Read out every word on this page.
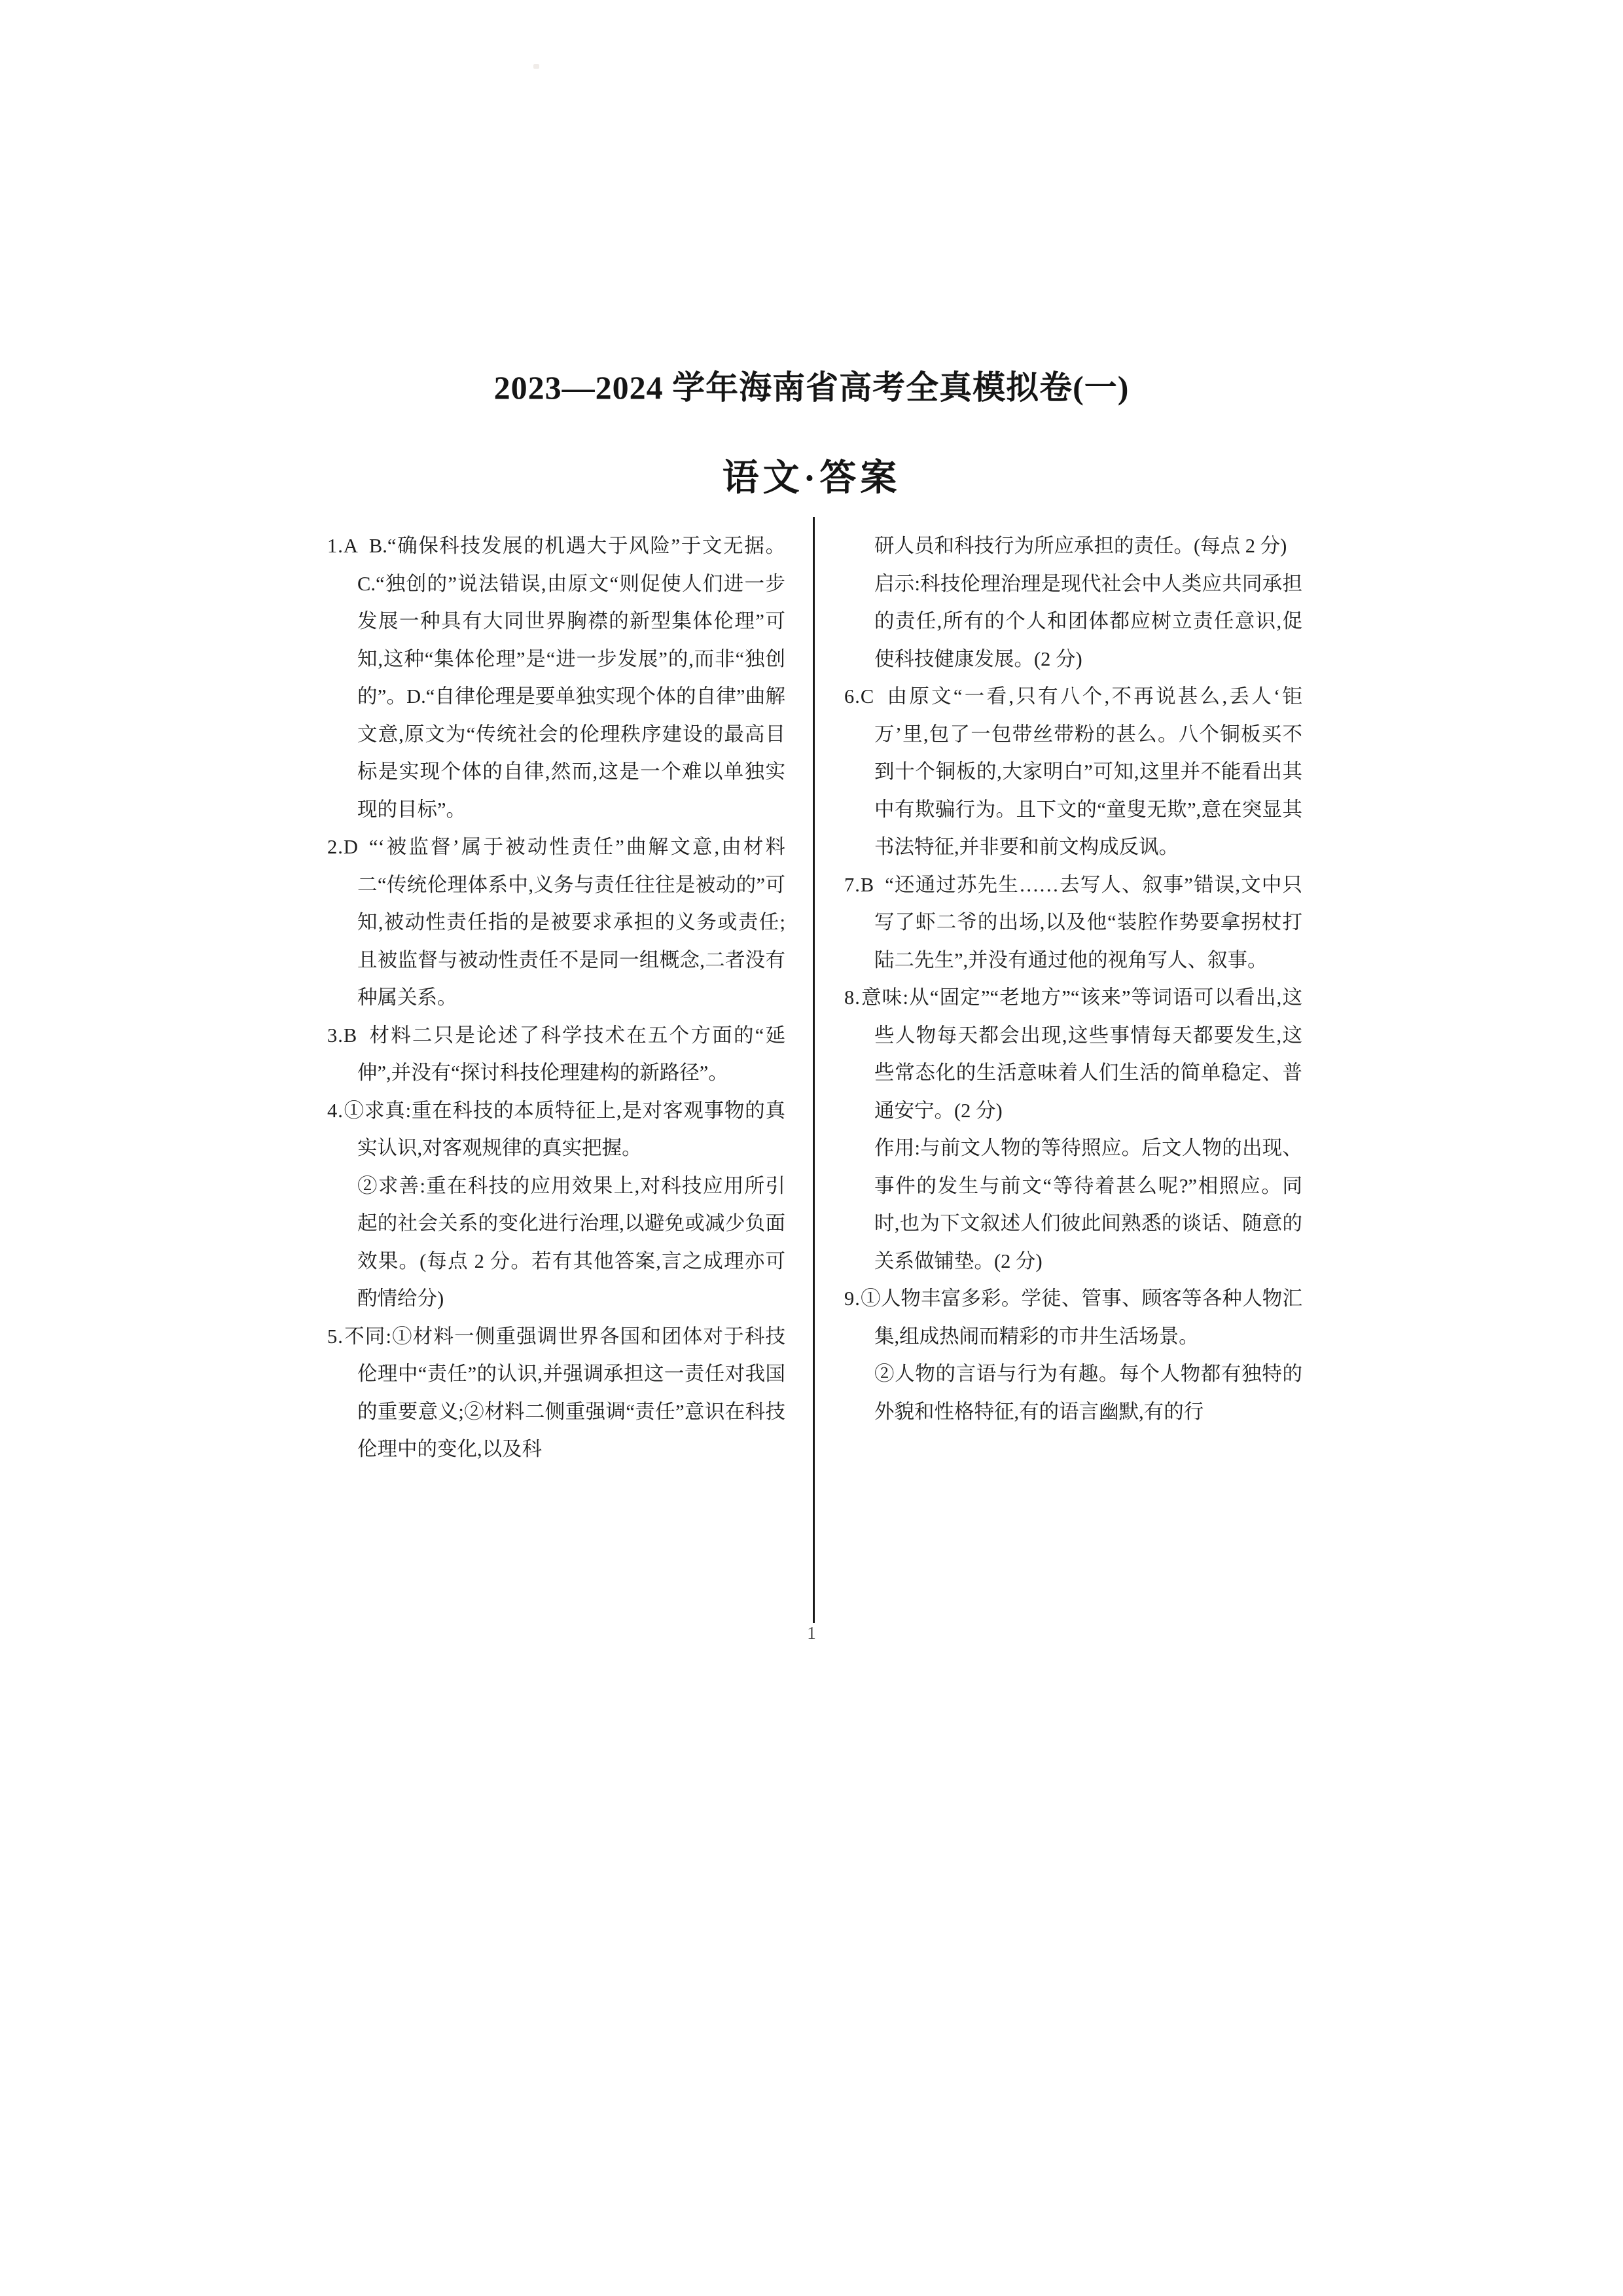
2023—2024 学年海南省高考全真模拟卷(一)
语文·答案

1.A B.“确保科技发展的机遇大于风险”于文无据。C.“独创的”说法错误,由原文“则促使人们进一步发展一种具有大同世界胸襟的新型集体伦理”可知,这种“集体伦理”是“进一步发展”的,而非“独创的”。D.“自律伦理是要单独实现个体的自律”曲解文意,原文为“传统社会的伦理秩序建设的最高目标是实现个体的自律,然而,这是一个难以单独实现的目标”。

2.D “‘被监督’属于被动性责任”曲解文意,由材料二“传统伦理体系中,义务与责任往往是被动的”可知,被动性责任指的是被要求承担的义务或责任;且被监督与被动性责任不是同一组概念,二者没有种属关系。

3.B 材料二只是论述了科学技术在五个方面的“延伸”,并没有“探讨科技伦理建构的新路径”。

4.①求真:重在科技的本质特征上,是对客观事物的真实认识,对客观规律的真实把握。

②求善:重在科技的应用效果上,对科技应用所引起的社会关系的变化进行治理,以避免或减少负面效果。(每点 2 分。若有其他答案,言之成理亦可酌情给分)

5.不同:①材料一侧重强调世界各国和团体对于科技伦理中“责任”的认识,并强调承担这一责任对我国的重要意义;②材料二侧重强调“责任”意识在科技伦理中的变化,以及科

研人员和科技行为所应承担的责任。(每点 2 分)

启示:科技伦理治理是现代社会中人类应共同承担的责任,所有的个人和团体都应树立责任意识,促使科技健康发展。(2 分)

6.C 由原文“一看,只有八个,不再说甚么,丢人‘钜万’里,包了一包带丝带粉的甚么。八个铜板买不到十个铜板的,大家明白”可知,这里并不能看出其中有欺骗行为。且下文的“童叟无欺”,意在突显其书法特征,并非要和前文构成反讽。

7.B “还通过苏先生……去写人、叙事”错误,文中只写了虾二爷的出场,以及他“装腔作势要拿拐杖打陆二先生”,并没有通过他的视角写人、叙事。

8.意味:从“固定”“老地方”“该来”等词语可以看出,这些人物每天都会出现,这些事情每天都要发生,这些常态化的生活意味着人们生活的简单稳定、普通安宁。(2 分)

作用:与前文人物的等待照应。后文人物的出现、事件的发生与前文“等待着甚么呢?”相照应。同时,也为下文叙述人们彼此间熟悉的谈话、随意的关系做铺垫。(2 分)

9.①人物丰富多彩。学徒、管事、顾客等各种人物汇集,组成热闹而精彩的市井生活场景。

②人物的言语与行为有趣。每个人物都有独特的外貌和性格特征,有的语言幽默,有的行

1
